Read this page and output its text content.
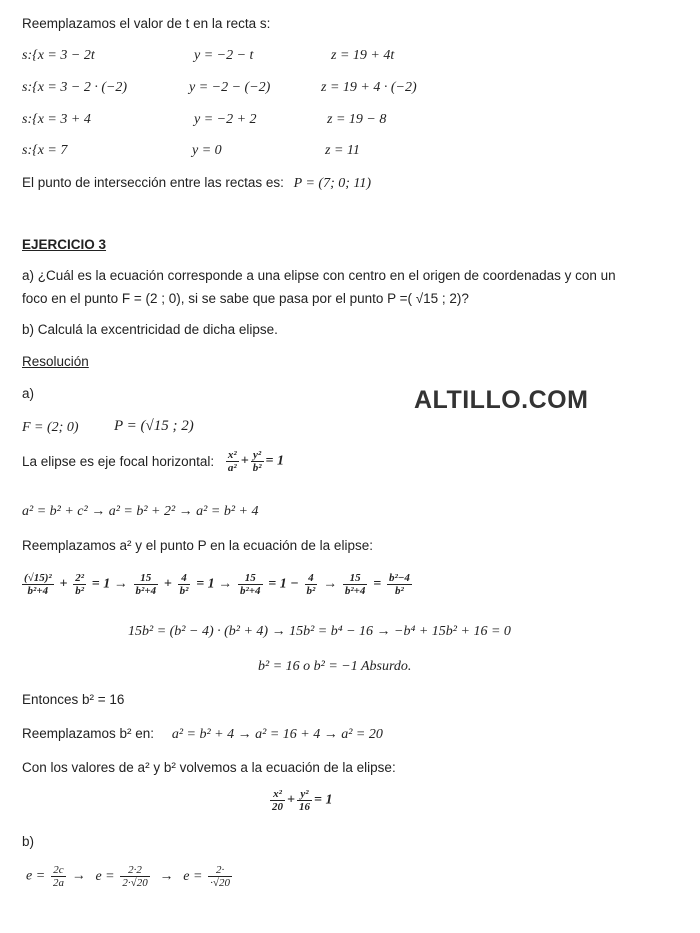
Reemplazamos el valor de t en la recta s:
s:{x = 3 − 2t	y = −2 − t	z = 19 + 4t
s:{x = 3 − 2 · (−2)	y = −2 − (−2)	z = 19 + 4 · (−2)
s:{x = 3 + 4	y = −2 + 2	z = 19 − 8
s:{x = 7	y = 0	z = 11
El punto de intersección entre las rectas es: P = (7; 0; 11)
EJERCICIO 3
a) ¿Cuál es la ecuación corresponde a una elipse con centro en el origen de coordenadas y con un
foco en el punto F = (2 ; 0), si se sabe que pasa por el punto P =( √15 ; 2)?
b) Calculá la excentricidad de dicha elipse.
Resolución
a)	ALTILLO.COM
F = (2; 0) P = (√15 ; 2)
La elipse es eje focal horizontal: $\frac{\text{x²}}{\text{a²}} + \frac{\text{y²}}{\text{b²}} = 1$
a² = b² + c² → a² = b² + 2² → a² = b² + 4
Reemplazamos a² y el punto P en la ecuación de la elipse:
$\frac{\text{(√15)²}}{\text{b²+4}} + \frac{\text{2²}}{\text{b²}} = 1 \to \frac{15}{\text{b²+4}} + \frac{4}{\text{b²}} = 1 \to \frac{15}{\text{b²+4}} = 1 - \frac{4}{\text{b²}} \to \frac{15}{\text{b²+4}} = \frac{\text{b²−4}}{\text{b²}}$
15b² = (b² − 4) · (b² + 4) → 15b² = b⁴ − 16 → −b⁴ + 15b² + 16 = 0
b² = 16 o b² = −1 Absurdo.
Entonces b² = 16
Reemplazamos b² en: a² = b² + 4 → a² = 16 + 4 → a² = 20
Con los valores de a² y b² volvemos a la ecuación de la elipse:
$\frac{\text{x²}}{20} + \frac{\text{y²}}{16} = 1$
b)
$e = \frac{2c}{2a} \to e = \frac{2\cdot 2}{2\cdot√20} \to e = \frac{2\cdot}{\cdot√20}$
